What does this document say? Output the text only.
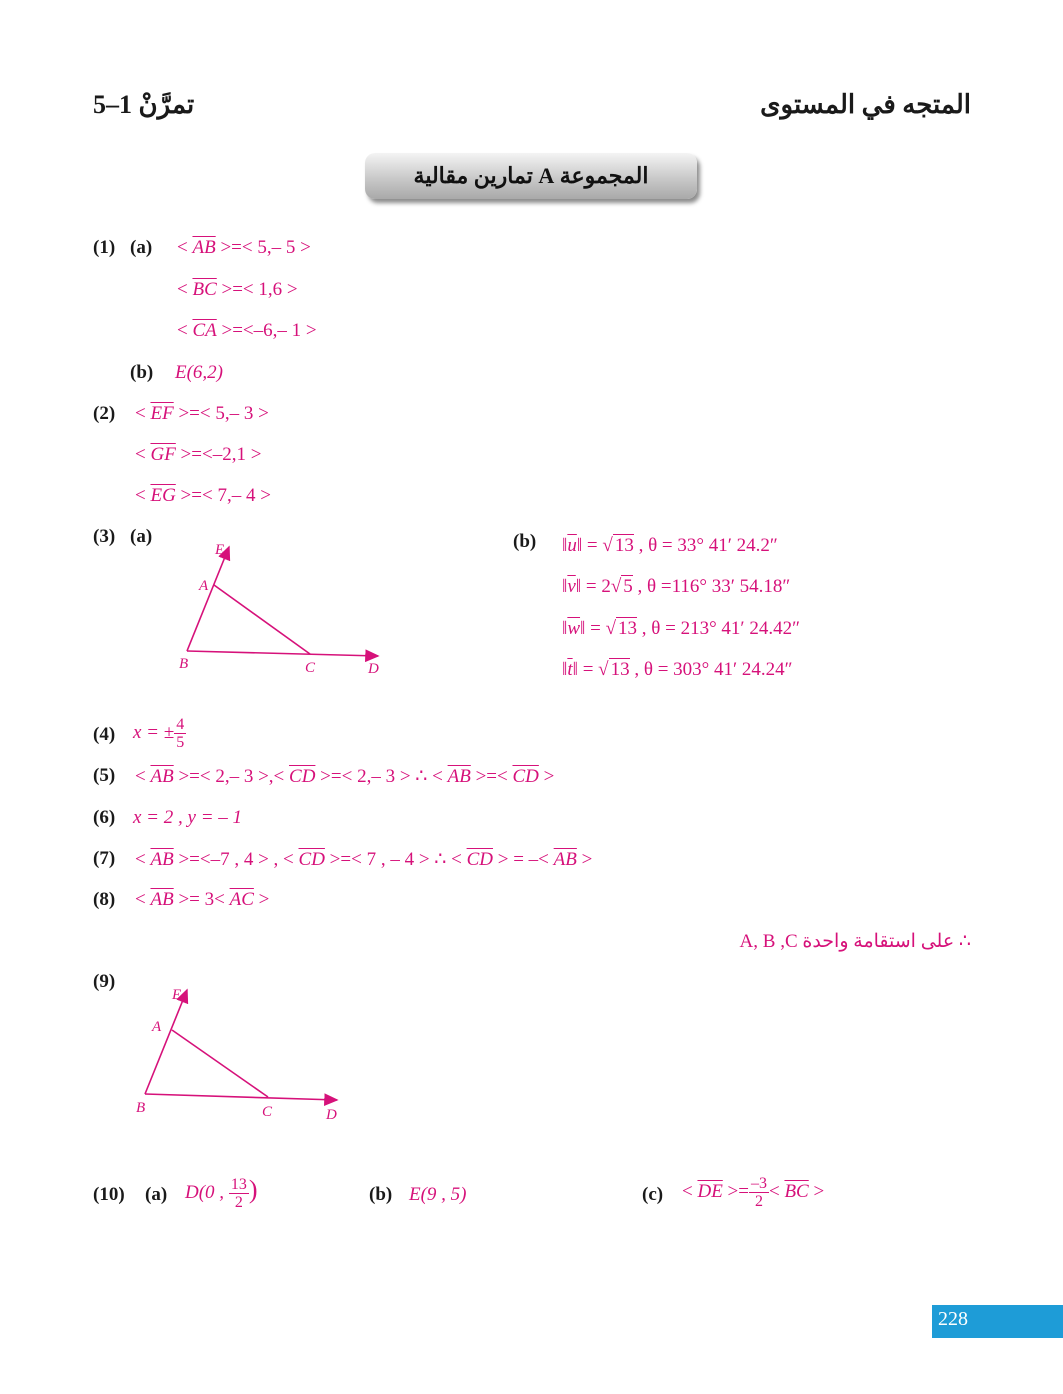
المتجه في المستوى
تمرَّنْ 1–5
المجموعة A تمارين مقالية
(1) $(a) < \overline{AB}$ >=< 5,– 5 >
< $\overline{BC}$ >=< 1,6 >
< $\overline{CA} >=<-6,-$ 1 >
(b) E(6,2)
$(2) < \overline{EF}$ >=< 5,– 3 >
< $\overline{GF} >=<-2,1$ >
< $\overline{EG}$ >=< 7,– 4 >
(3) (a)
E
A
B	C	D
(b) $‖\overline{u}‖$ = √ 13 , θ = 33° 41′ 24.2″
$‖\overline{v}‖ = 2√$ 5 , θ =116° 33′ 54.18″
$‖\overline{w}‖$ = √ 13 , θ = 213° 41′ 24.42″
$‖\overline{t}‖$ = √ 13 , θ = 303° 41′ 24.24″
(4) x = ± $\frac{4}{5}$
$(5) < \overline{AB}$ >=< 2,– 3 >,< $\overline{CD}$ >=< 2,– 3 > ∴ < $\overline{AB}$ >=< $\overline{CD}$ >
(6) x = 2 , y = – 1
$(7) < \overline{AB} >=<-7$ , 4 > , < $\overline{CD}$ >=< 7 , – 4 > ∴ < $\overline{CD}$ > = –< $\overline{AB}$ >
$(8) < \overline{AB} >= 3< \overline{AC}$ >
∴ على استقامة واحدة A, B ,C
(9)
E
A
B	C	D
(10) (a) D(0 , $\frac{13}{2}$ )	(b) E(9 , 5)	$(c) < \overline{DE} >= \frac{-3}{2} < \overline{BC}$ >
228
